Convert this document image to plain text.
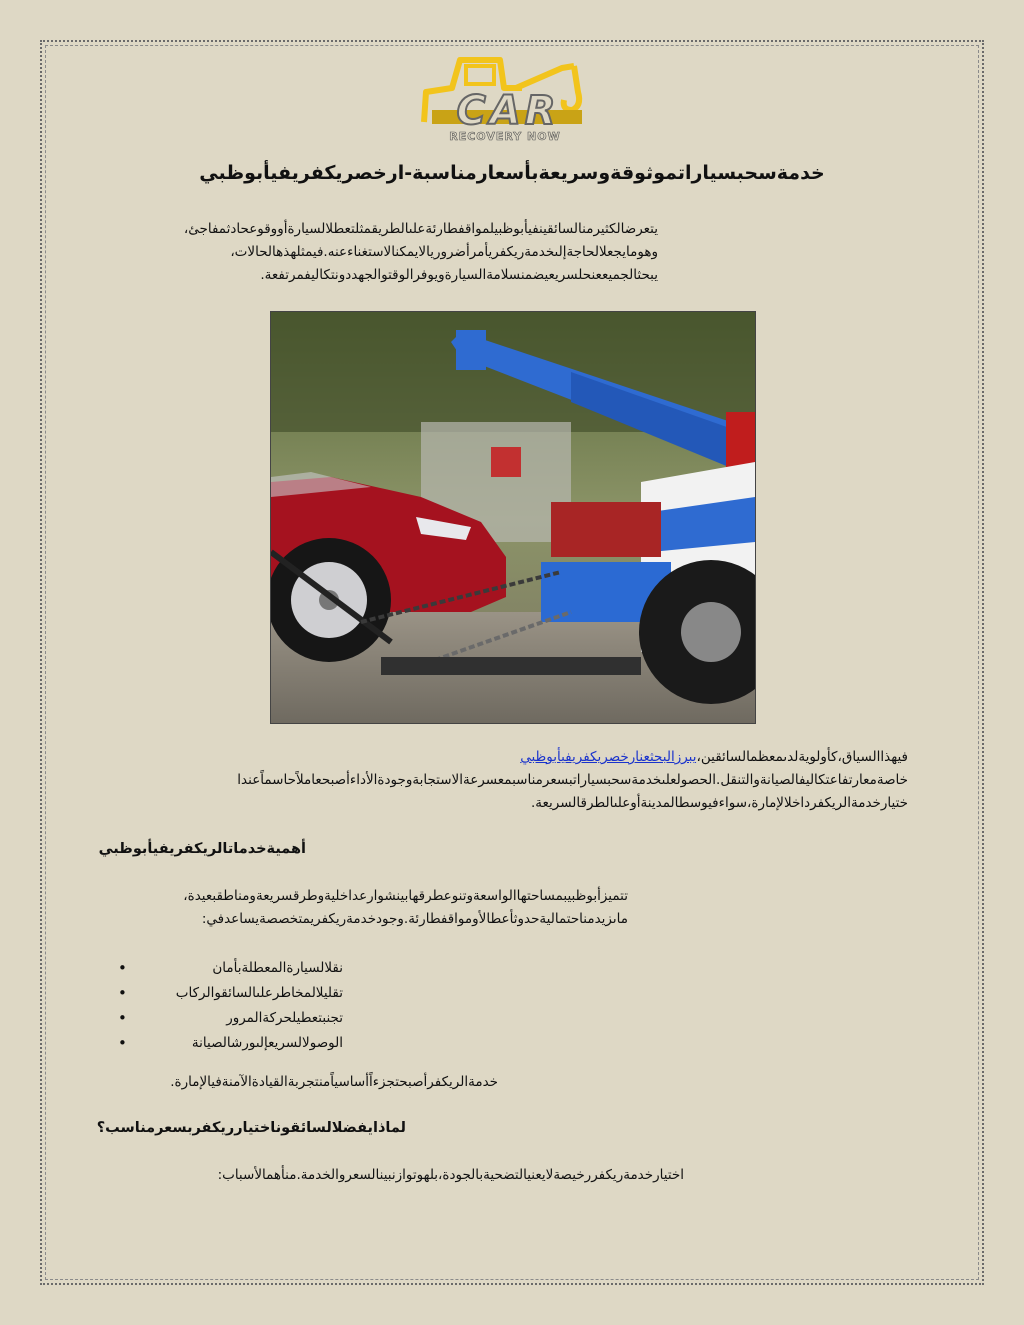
CAR
RECOVERY NOW
خدمةسحبسياراتموثوقةوسريعةبأسعارمناسبة-ارخصريكفريفيأبوظبي
يتعرضالكثيرمنالسائقينفيأبوظبيلمواقفطارئةعلىالطريقمثلتعطلالسيارةأووقوعحادثمفاجئ،
وهومايجعلالحاجةإلىخدمةريكفريأمرأضروريالايمكنالاستغناءعنه.فيمثلهذهالحالات،
يبحثالجميععنحلسريعيضمنسلامةالسيارةويوفرالوقتوالجهددونتكاليفمرتفعة.
فيهذاالسياق،
كأولويةلدىمعظمالسائقين،يبرزالبحثعنارخصريكفريفيأبوظبي
خاصةمعارتفاعتكاليفالصيانةوالتنقل.الحصولعلىخدمةسحبسياراتبسعرمناسبمعسرعةالاستجابةوجودةالأداءأصبحعاملاًحاسماًعندا
ختيارخدمةالريكفرداخلالإمارة،سواءفيوسطالمدينةأوعلىالطرقالسريعة.
أهميةخدماتالريكفريفيأبوظبي
تتميزأبوظبيبمساحتهاالواسعةوتنوعطرقهابينشوارعداخليةوطرقسريعةومناطقبعيدة،
ماىزيدمناحتماليةحدوثأعطالأومواقفطارئة.وجودخدمةريكفريمتخصصةيساعدفي:
نقلالسيارةالمعطلةبأمان •
تقليلالمخاطرعلىالسائقوالركاب •
تجنبتعطيلحركةالمرور •
الوصولالسريعإلىورشالصيانة •
خدمةالريكفرأصبحتجزءاًأساسياًمنتجربةالقيادةالآمنةفيالإمارة.
لماذايفضلالسائقوناختيارريكفربسعرمناسب؟
اختيارخدمةريكفررخيصةلايعنيالتضحيةبالجودة،بلهوتوازنبينالسعروالخدمة.منأهمالأسباب:
